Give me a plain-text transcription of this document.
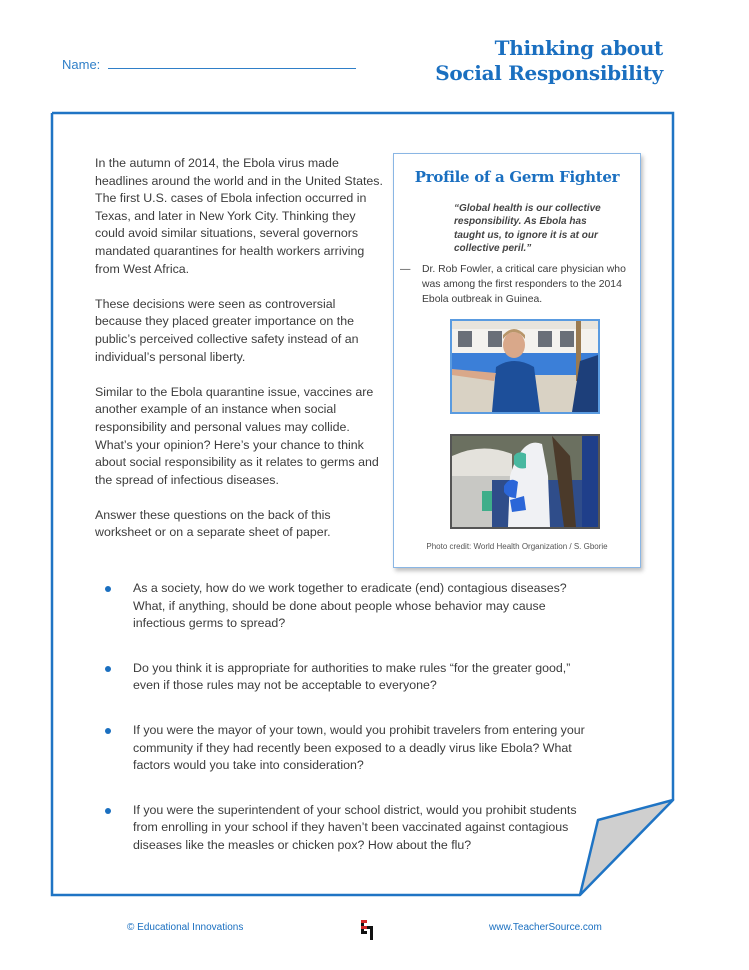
Name:
Thinking about
Social Responsibility

In the autumn of 2014, the Ebola virus made headlines around the world and in the United States. The first U.S. cases of Ebola infection occurred in Texas, and later in New York City. Thinking they could avoid similar situations, several governors mandated quarantines for health workers arriving from West Africa.

These decisions were seen as controversial because they placed greater importance on the public’s perceived collective safety instead of an individual’s personal liberty.

Similar to the Ebola quarantine issue, vaccines are another example of an instance when social responsibility and personal values may collide. What’s your opinion? Here’s your chance to think about social responsibility as it relates to germs and the spread of infectious diseases.

Answer these questions on the back of this worksheet or on a separate sheet of paper.

Profile of a Germ Fighter
“Global health is our collective responsibility. As Ebola has taught us, to ignore it is at our collective peril.”
—	Dr. Rob Fowler, a critical care physician who was among the first responders to the 2014 Ebola outbreak in Guinea.
Photo credit: World Health Organization / S. Gborie
As a society, how do we work together to eradicate (end) contagious diseases? What, if anything, should be done about people whose behavior may cause infectious germs to spread?
Do you think it is appropriate for authorities to make rules “for the greater good,” even if those rules may not be acceptable to everyone?
If you were the mayor of your town, would you prohibit travelers from entering your community if they had recently been exposed to a deadly virus like Ebola? What factors would you take into consideration?
If you were the superintendent of your school district, would you prohibit students from enrolling in your school if they haven’t been vaccinated against contagious diseases like the measles or chicken pox? How about the flu?
© Educational Innovations	www.TeacherSource.com
